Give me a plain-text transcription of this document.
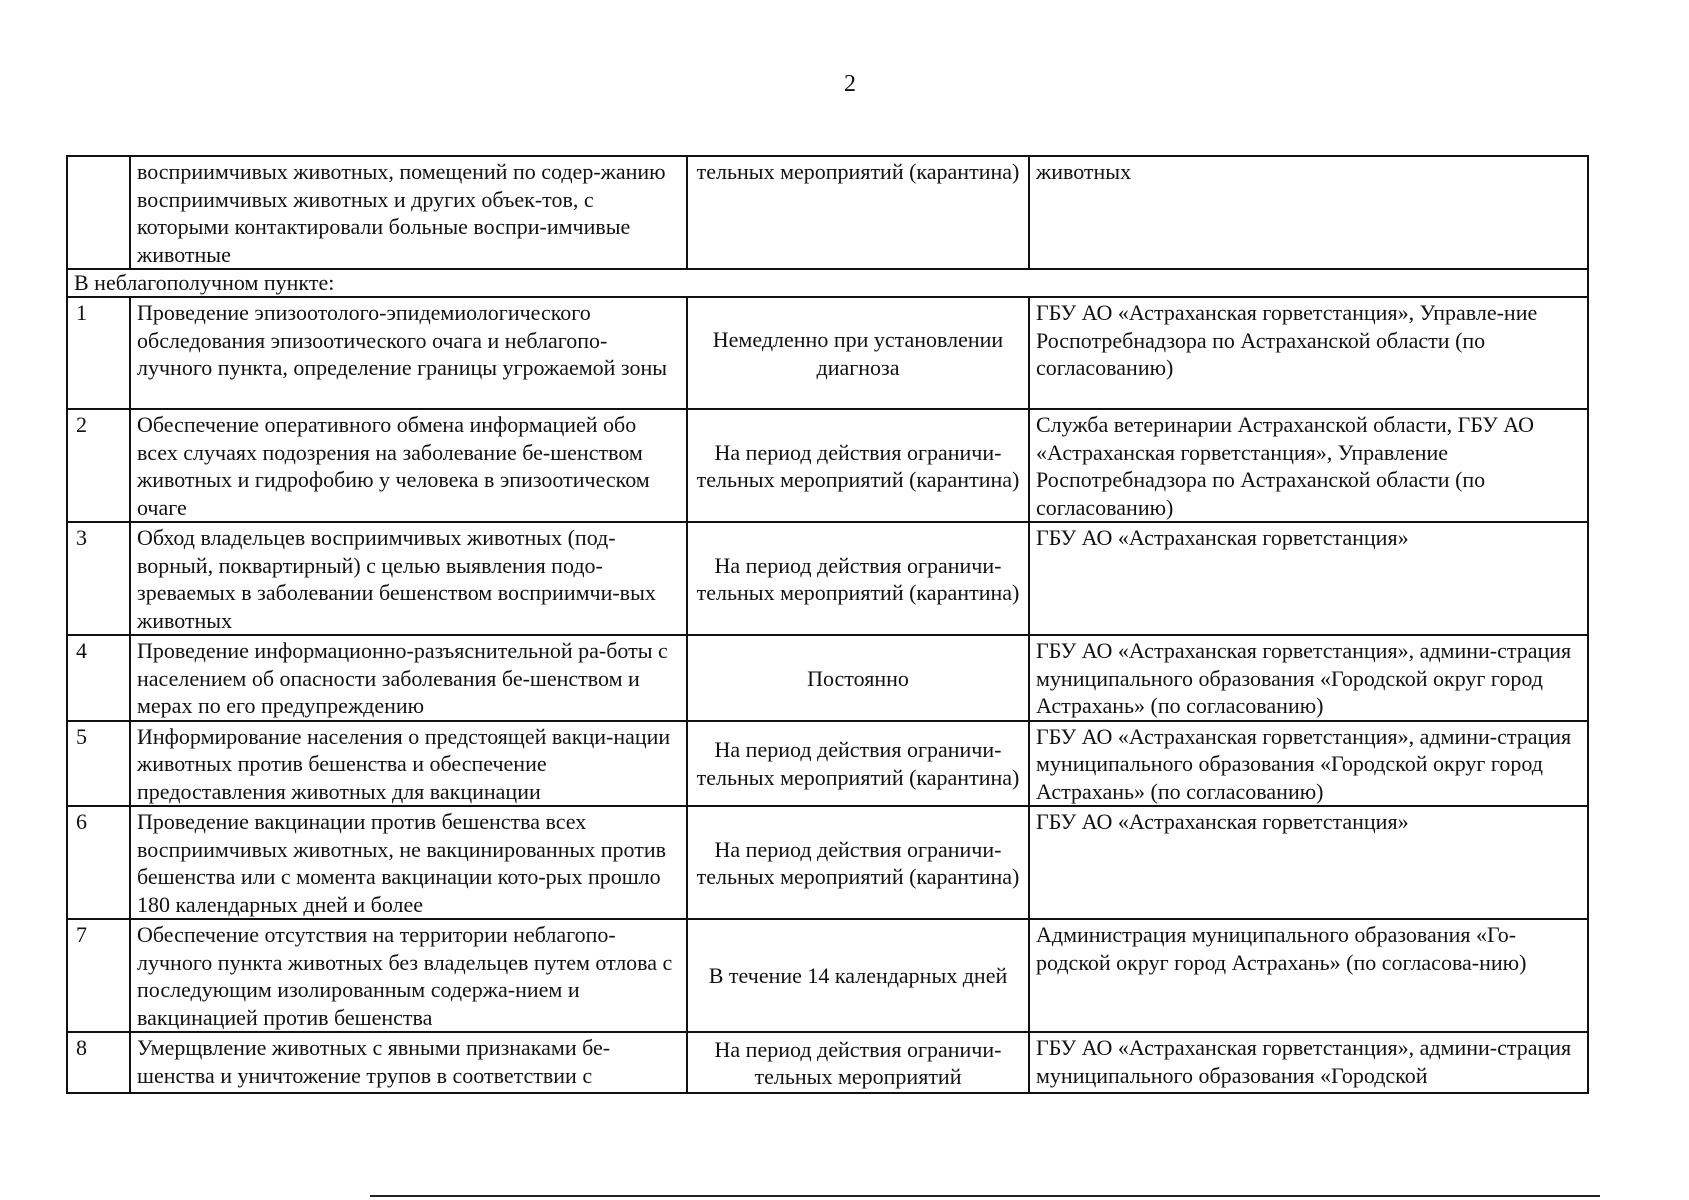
2
	восприимчивых животных, помещений по содер-жанию восприимчивых животных и других объек-тов, с которыми контактировали больные воспри-имчивые животные	тельных мероприятий (карантина)	животных
В неблагополучном пункте:			
1	Проведение эпизоотолого-эпидемиологического обследования эпизоотического очага и неблагопо-лучного пункта, определение границы угрожаемой зоны	Немедленно при установлении диагноза	ГБУ АО «Астраханская горветстанция», Управле-ние Роспотребнадзора по Астраханской области (по согласованию)
2	Обеспечение оперативного обмена информацией обо всех случаях подозрения на заболевание бе-шенством животных и гидрофобию у человека в эпизоотическом очаге	На период действия ограничи-тельных мероприятий (карантина)	Служба ветеринарии Астраханской области, ГБУ АО «Астраханская горветстанция», Управление Роспотребнадзора по Астраханской области (по согласованию)
3	Обход владельцев восприимчивых животных (под-ворный, поквартирный) с целью выявления подо-зреваемых в заболевании бешенством восприимчи-вых животных	На период действия ограничи-тельных мероприятий (карантина)	ГБУ АО «Астраханская горветстанция»
4	Проведение информационно-разъяснительной ра-боты с населением об опасности заболевания бе-шенством и мерах по его предупреждению	Постоянно	ГБУ АО «Астраханская горветстанция», админи-страция муниципального образования «Городской округ город Астрахань» (по согласованию)
5	Информирование населения о предстоящей вакци-нации животных против бешенства и обеспечение предоставления животных для вакцинации	На период действия ограничи-тельных мероприятий (карантина)	ГБУ АО «Астраханская горветстанция», админи-страция муниципального образования «Городской округ город Астрахань» (по согласованию)
6	Проведение вакцинации против бешенства всех восприимчивых животных, не вакцинированных против бешенства или с момента вакцинации кото-рых прошло 180 календарных дней и более	На период действия ограничи-тельных мероприятий (карантина)	ГБУ АО «Астраханская горветстанция»
7	Обеспечение отсутствия на территории неблагопо-лучного пункта животных без владельцев путем отлова с последующим изолированным содержа-нием и вакцинацией против бешенства	В течение 14 календарных дней	Администрация муниципального образования «Го-родской округ город Астрахань» (по согласова-нию)
8	Умерщвление животных с явными признаками бе-шенства и уничтожение трупов в соответствии с	На период действия ограничи-тельных мероприятий	ГБУ АО «Астраханская горветстанция», админи-страция муниципального образования «Городской
